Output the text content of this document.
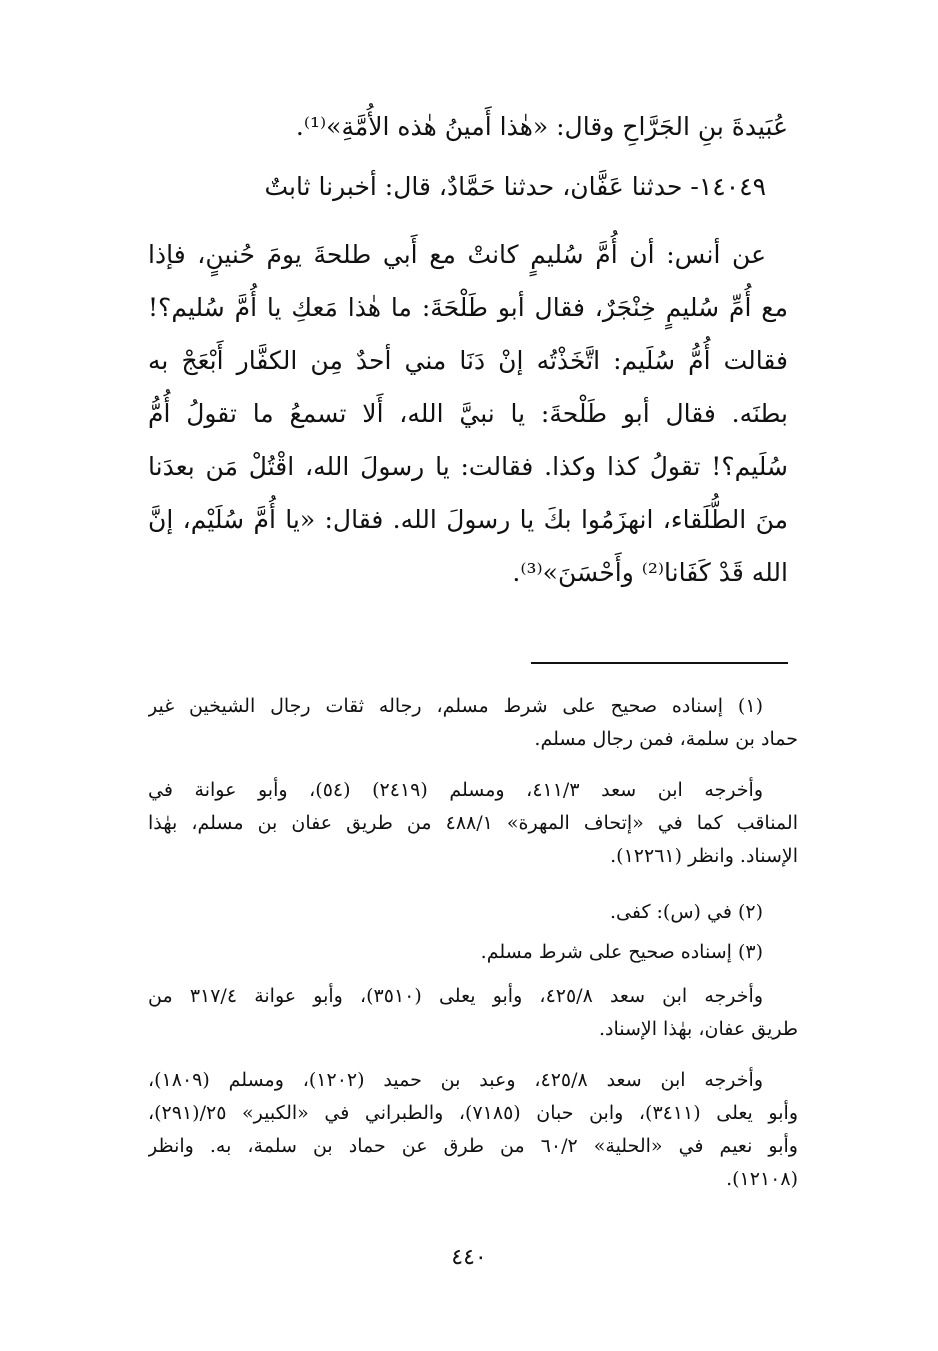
عُبَيدةَ بنِ الجَرَّاحِ وقال: «هٰذا أَمينُ هٰذه الأُمَّةِ»⁽¹⁾.
١٤٠٤٩- حدثنا عَفَّان، حدثنا حَمَّادٌ، قال: أخبرنا ثابتٌ
عن أنس: أن أُمَّ سُليمٍ كانتْ مع أَبي طلحةَ يومَ حُنينٍ، فإذا
مع أُمِّ سُليمٍ خِنْجَرٌ، فقال أبو طَلْحَةَ: ما هٰذا مَعكِ يا أُمَّ سُليم؟!
فقالت أُمُّ سُلَيم: اتَّخَذْتُه إنْ دَنَا مني أحدٌ مِن الكفَّار أَبْعَجْ به
بطنَه. فقال أبو طَلْحةَ: يا نبيَّ الله، أَلا تسمعُ ما تقولُ أُمُّ
سُلَيم؟! تقولُ كذا وكذا. فقالت: يا رسولَ الله، اقْتُلْ مَن بعدَنا
منَ الطُّلَقاء، انهزَمُوا بكَ يا رسولَ الله. فقال: «يا أُمَّ سُلَيْم، إنَّ
الله قَدْ كَفَانا⁽²⁾ وأَحْسَنَ»⁽³⁾.
(١) إسناده صحيح على شرط مسلم، رجاله ثقات رجال الشيخين غير
حماد بن سلمة، فمن رجال مسلم.
وأخرجه ابن سعد ٤١١/٣، ومسلم (٢٤١٩) (٥٤)، وأبو عوانة في
المناقب كما في «إتحاف المهرة» ٤٨٨/١ من طريق عفان بن مسلم، بهٰذا
الإسناد. وانظر (١٢٢٦١).
(٢) في (س): كفى.
(٣) إسناده صحيح على شرط مسلم.
وأخرجه ابن سعد ٤٢٥/٨، وأبو يعلى (٣٥١٠)، وأبو عوانة ٣١٧/٤ من
طريق عفان، بهٰذا الإسناد.
وأخرجه ابن سعد ٤٢٥/٨، وعبد بن حميد (١٢٠٢)، ومسلم (١٨٠٩)،
وأبو يعلى (٣٤١١)، وابن حبان (٧١٨٥)، والطبراني في «الكبير» ٢٥/(٢٩١)،
وأبو نعيم في «الحلية» ٦٠/٢ من طرق عن حماد بن سلمة، به. وانظر
(١٢١٠٨).
٤٤٠
